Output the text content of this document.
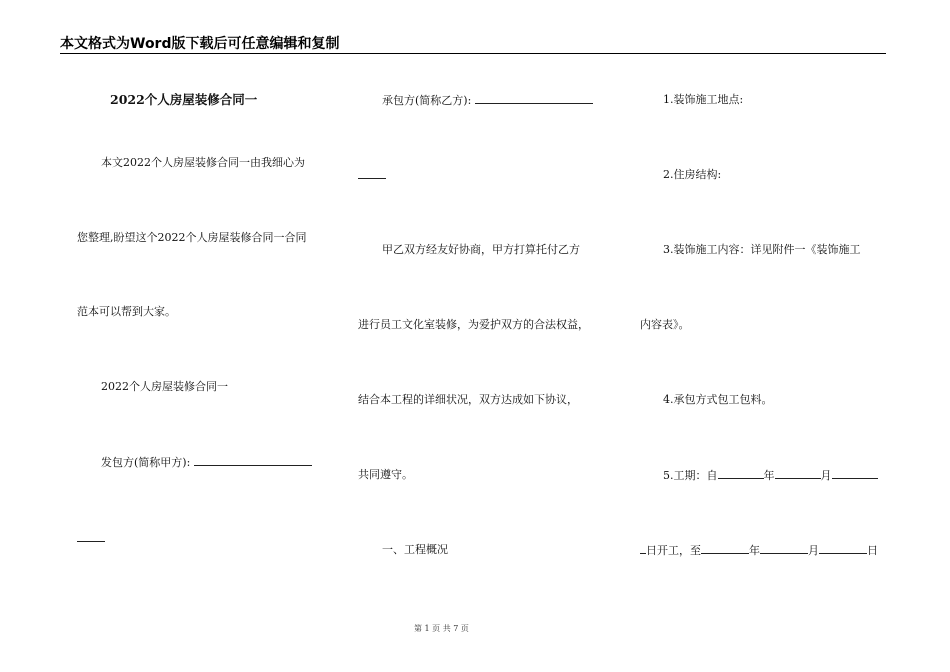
本文格式为Word版下载后可任意编辑和复制
2022个人房屋装修合同一
本文2022个人房屋装修合同一由我细心为
您整理,盼望这个2022个人房屋装修合同一合同
范本可以帮到大家。
2022个人房屋装修合同一
发包方(简称甲方):
承包方(简称乙方):
甲乙双方经友好协商，甲方打算托付乙方
进行员工文化室装修，为爱护双方的合法权益，
结合本工程的详细状况，双方达成如下协议，
共同遵守。
一、工程概况
1.装饰施工地点:
2.住房结构:
3.装饰施工内容：详见附件一《装饰施工
内容表》。
4.承包方式包工包料。
5.工期：自	年	月
日开工，至	年	月	日
第 1 页 共 7 页
